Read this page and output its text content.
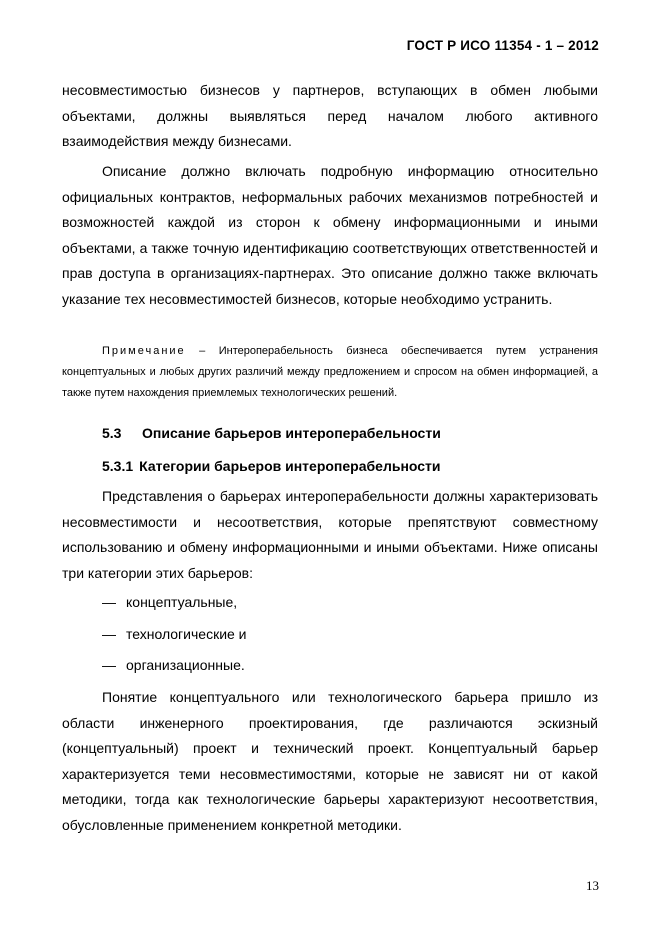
ГОСТ Р ИСО 11354 - 1 – 2012
несовместимостью бизнесов у партнеров, вступающих в обмен любыми объектами, должны выявляться перед началом любого активного взаимодействия между бизнесами.
Описание должно включать подробную информацию относительно официальных контрактов, неформальных рабочих механизмов потребностей и возможностей каждой из сторон к обмену информационными и иными объектами, а также точную идентификацию соответствующих ответственностей и прав доступа в организациях-партнерах. Это описание должно также включать указание тех несовместимостей бизнесов, которые необходимо устранить.
Примечание – Интероперабельность бизнеса обеспечивается путем устранения концептуальных и любых других различий между предложением и спросом на обмен информацией, а также путем нахождения приемлемых технологических решений.
5.3 Описание барьеров интероперабельности
5.3.1 Категории барьеров интероперабельности
Представления о барьерах интероперабельности должны характеризовать несовместимости и несоответствия, которые препятствуют совместному использованию и обмену информационными и иными объектами. Ниже описаны три категории этих барьеров:
— концептуальные,
— технологические и
— организационные.
Понятие концептуального или технологического барьера пришло из области инженерного проектирования, где различаются эскизный (концептуальный) проект и технический проект. Концептуальный барьер характеризуется теми несовместимостями, которые не зависят ни от какой методики, тогда как технологические барьеры характеризуют несоответствия, обусловленные применением конкретной методики.
13
